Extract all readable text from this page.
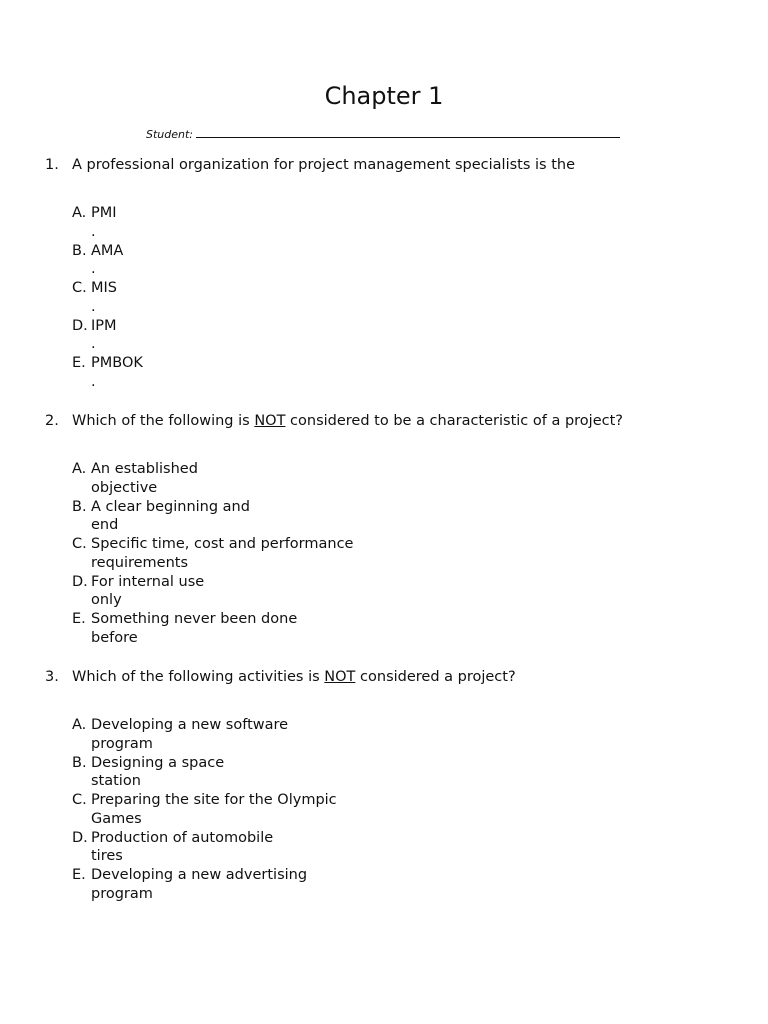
Chapter 1
Student:
1. A professional organization for project management specialists is the
A. PMI
.
B. AMA
.
C. MIS
.
D. IPM
.
E. PMBOK
.
2. Which of the following is NOT considered to be a characteristic of a project?
A. An established objective
B. A clear beginning and end
C. Specific time, cost and performance requirements
D. For internal use only
E. Something never been done before
3. Which of the following activities is NOT considered a project?
A. Developing a new software program
B. Designing a space station
C. Preparing the site for the Olympic Games
D. Production of automobile tires
E. Developing a new advertising program
